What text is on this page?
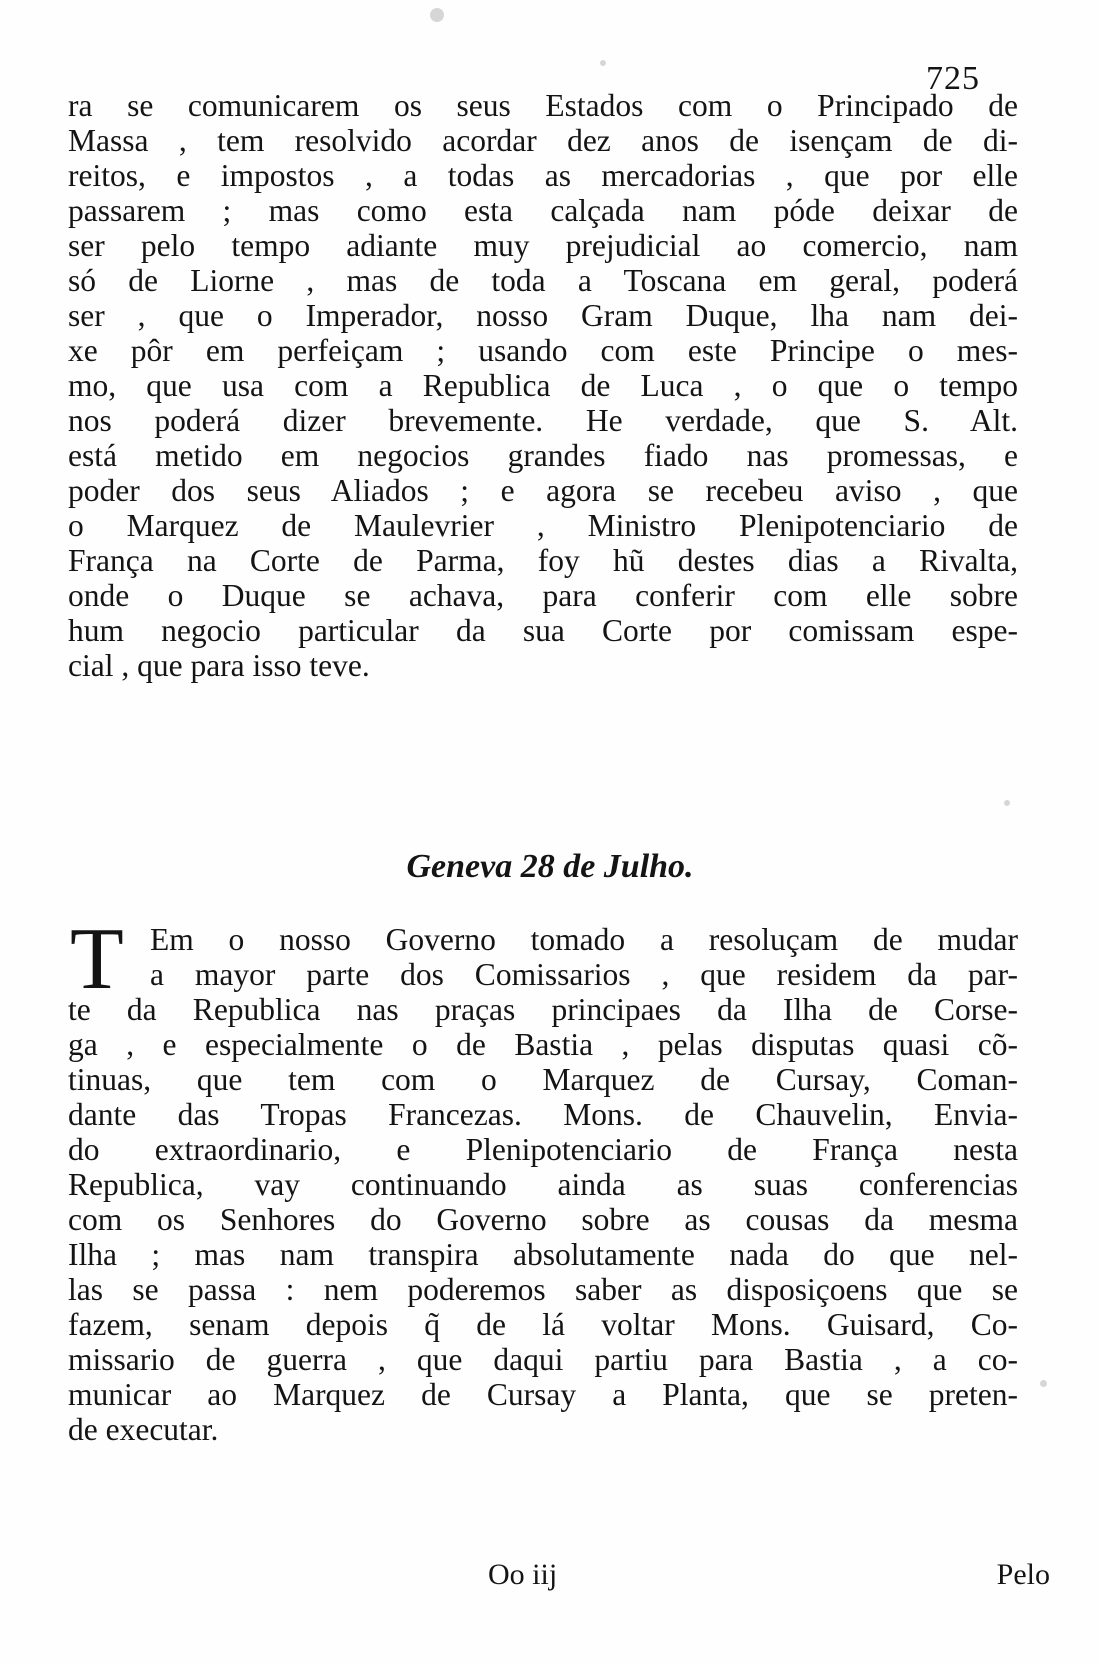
725
ra se comunicarem os seus Estados com o Principado de
Massa , tem resolvido acordar dez anos de isençam de di-
reitos, e impostos , a todas as mercadorias , que por elle
passarem ; mas como esta calçada nam póde deixar de
ser pelo tempo adiante muy prejudicial ao comercio, nam
só de Liorne , mas de toda a Toscana em geral, poderá
ser , que o Imperador, nosso Gram Duque, lha nam dei-
xe pôr em perfeiçam ; usando com este Principe o mes-
mo, que usa com a Republica de Luca , o que o tempo
nos poderá dizer brevemente. He verdade, que S. Alt.
está metido em negocios grandes fiado nas promessas, e
poder dos seus Aliados ; e agora se recebeu aviso , que
o Marquez de Maulevrier , Ministro Plenipotenciario de
França na Corte de Parma, foy hũ destes dias a Rivalta,
onde o Duque se achava, para conferir com elle sobre
hum negocio particular da sua Corte por comissam espe-
cial , que para isso teve.
Geneva 28 de Julho.
T Em o nosso Governo tomado a resoluçam de mudar
a mayor parte dos Comissarios , que residem da par-
te da Republica nas praças principaes da Ilha de Corse-
ga , e especialmente o de Bastia , pelas disputas quasi cõ-
tinuas, que tem com o Marquez de Cursay, Coman-
dante das Tropas Francezas. Mons. de Chauvelin, Envia-
do extraordinario, e Plenipotenciario de França nesta
Republica, vay continuando ainda as suas conferencias
com os Senhores do Governo sobre as cousas da mesma
Ilha ; mas nam transpira absolutamente nada do que nel-
las se passa : nem poderemos saber as disposiçoens que se
fazem, senam depois q̃ de lá voltar Mons. Guisard, Co-
missario de guerra , que daqui partiu para Bastia , a co-
municar ao Marquez de Cursay a Planta, que se preten-
de executar.
Oo iij	Pelo
